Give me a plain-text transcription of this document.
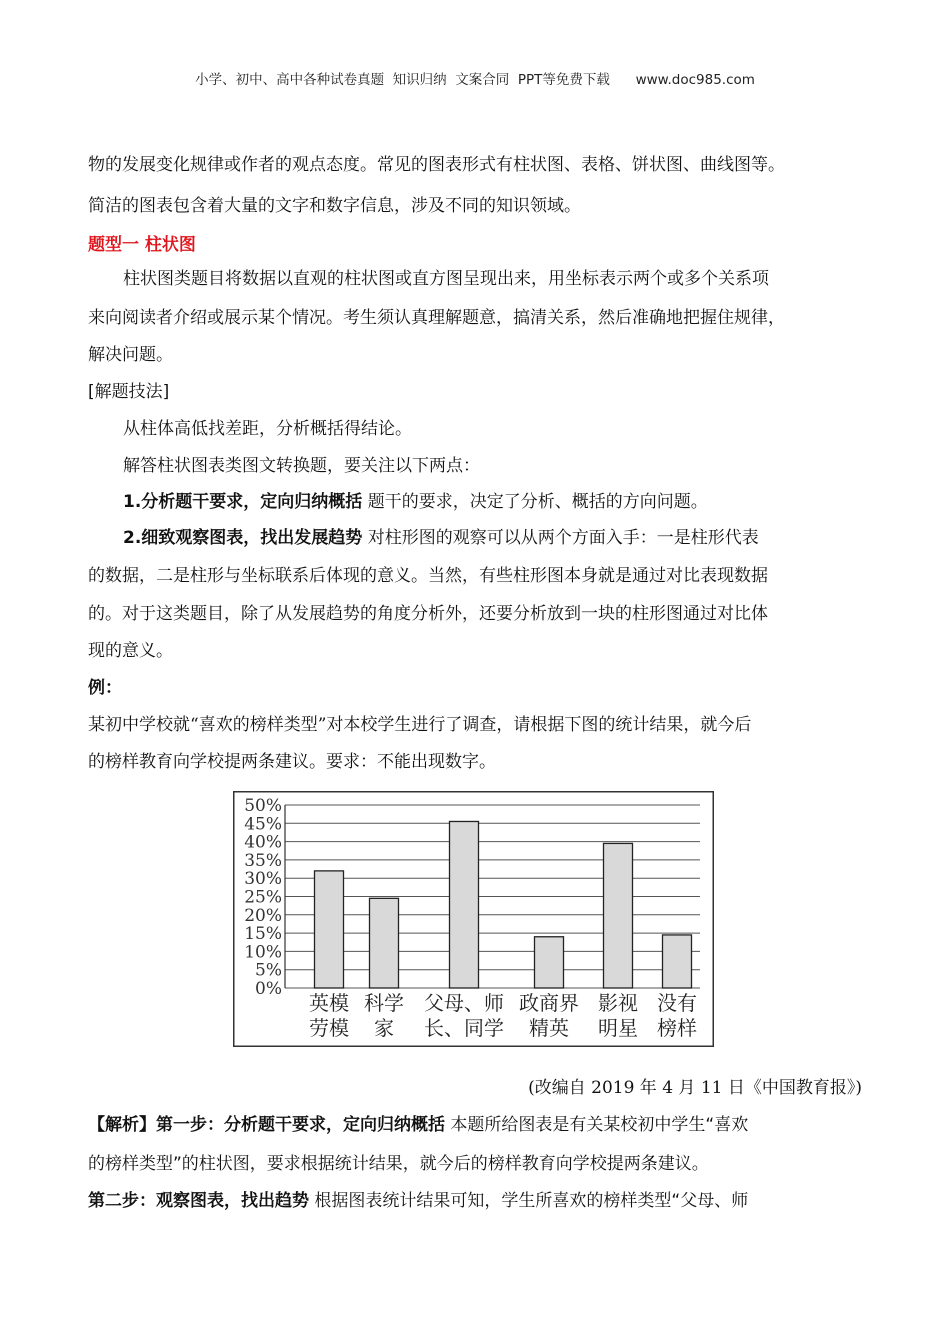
小学、初中、高中各种试卷真题  知识归纳  文案合同  PPT等免费下载      www.doc985.com
物的发展变化规律或作者的观点态度。常见的图表形式有柱状图、表格、饼状图、曲线图等。
简洁的图表包含着大量的文字和数字信息，涉及不同的知识领域。
题型一 柱状图
柱状图类题目将数据以直观的柱状图或直方图呈现出来，用坐标表示两个或多个关系项
来向阅读者介绍或展示某个情况。考生须认真理解题意，搞清关系，然后准确地把握住规律，
解决问题。
[解题技法]
从柱体高低找差距，分析概括得结论。
解答柱状图表类图文转换题，要关注以下两点：
1.分析题干要求，定向归纳概括 题干的要求，决定了分析、概括的方向问题。
2.细致观察图表，找出发展趋势 对柱形图的观察可以从两个方面入手：一是柱形代表
的数据，二是柱形与坐标联系后体现的意义。当然，有些柱形图本身就是通过对比表现数据
的。对于这类题目，除了从发展趋势的角度分析外，还要分析放到一块的柱形图通过对比体
现的意义。
例：
某初中学校就“喜欢的榜样类型”对本校学生进行了调查，请根据下图的统计结果，就今后
的榜样教育向学校提两条建议。要求：不能出现数字。
0%
5%
10%
15%
20%
25%
30%
35%
40%
45%
50%
英模
劳模
科学
家
父母、师
长、同学
政商界
精英
影视
明星
没有
榜样
(改编自 2019 年 4 月 11 日《中国教育报》)
【解析】第一步：分析题干要求，定向归纳概括 本题所给图表是有关某校初中学生“喜欢
的榜样类型”的柱状图，要求根据统计结果，就今后的榜样教育向学校提两条建议。
第二步：观察图表，找出趋势 根据图表统计结果可知，学生所喜欢的榜样类型“父母、师
